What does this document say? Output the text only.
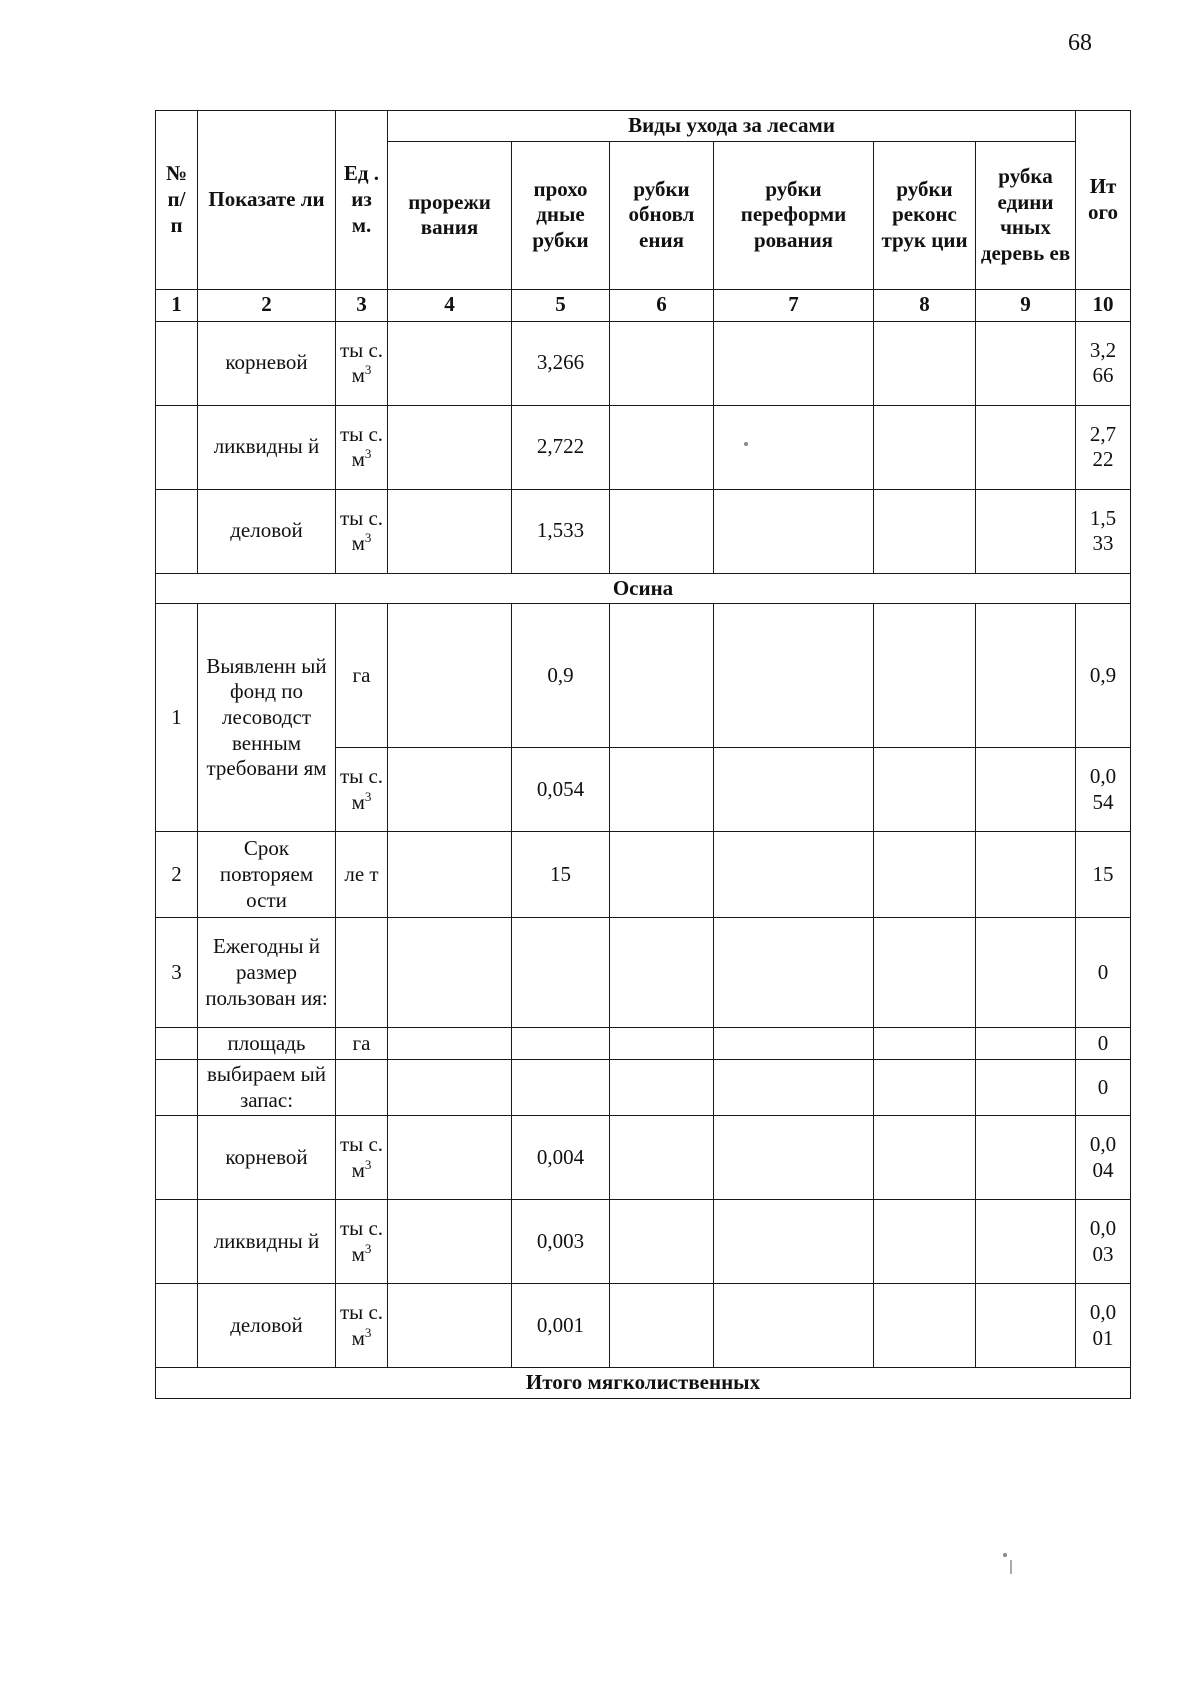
68
№ п/ п	Показате ли	Ед . из м.	Виды ухода за лесами						Ит ого
			прорежи вания	прохо дные рубки	рубки обновл ения	рубки переформи рования	рубки реконс трук ции	рубка едини чных деревь ев	
1	2	3	4	5	6	7	8	9	10
	корневой	ты с. $м^3$		3,266					3,2 66
	ликвидны й	ты с. $м^3$		2,722					2,7 22
	деловой	ты с. $м^3$		1,533					1,5 33
Осина									
1	Выявленн ый фонд по лесоводст венным требовани ям	га		0,9					0,9
		ты с. $м^3$		0,054					0,0 54
2	Срок повторяем ости	ле т		15					15
3	Ежегодны й размер пользован ия:								0
	площадь	га							0
	выбираем ый запас:								0
	корневой	ты с. $м^3$		0,004					0,0 04
	ликвидны й	ты с. $м^3$		0,003					0,0 03
	деловой	ты с. $м^3$		0,001					0,0 01
Итого мягколиственных									
